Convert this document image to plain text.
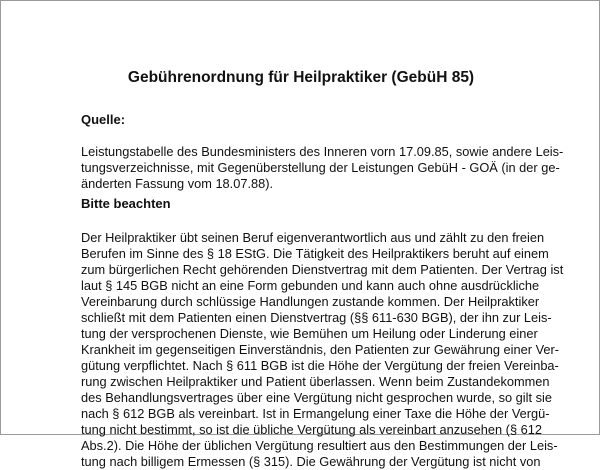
Gebührenordnung für Heilpraktiker (GebüH 85)
Quelle:
Leistungstabelle des Bundesministers des Inneren vorn 17.09.85, sowie andere Leis-
tungsverzeichnisse, mit Gegenüberstellung der Leistungen GebüH - GOÄ (in der ge-
änderten Fassung vom 18.07.88).
Bitte beachten
Der Heilpraktiker übt seinen Beruf eigenverantwortlich aus und zählt zu den freien
Berufen im Sinne des § 18 EStG. Die Tätigkeit des Heilpraktikers beruht auf einem
zum bürgerlichen Recht gehörenden Dienstvertrag mit dem Patienten. Der Vertrag ist
laut § 145 BGB nicht an eine Form gebunden und kann auch ohne ausdrückliche
Vereinbarung durch schlüssige Handlungen zustande kommen. Der Heilpraktiker
schließt mit dem Patienten einen Dienstvertrag (§§ 611-630 BGB), der ihn zur Leis-
tung der versprochenen Dienste, wie Bemühen um Heilung oder Linderung einer
Krankheit im gegenseitigen Einverständnis, den Patienten zur Gewährung einer Ver-
gütung verpflichtet. Nach § 611 BGB ist die Höhe der Vergütung der freien Vereinba-
rung zwischen Heilpraktiker und Patient überlassen. Wenn beim Zustandekommen
des Behandlungsvertrages über eine Vergütung nicht gesprochen wurde, so gilt sie
nach § 612 BGB als vereinbart. Ist in Ermangelung einer Taxe die Höhe der Vergü-
tung nicht bestimmt, so ist die übliche Vergütung als vereinbart anzusehen (§ 612
Abs.2). Die Höhe der üblichen Vergütung resultiert aus den Bestimmungen der Leis-
tung nach billigem Ermessen (§ 315). Die Gewährung der Vergütung ist nicht von
